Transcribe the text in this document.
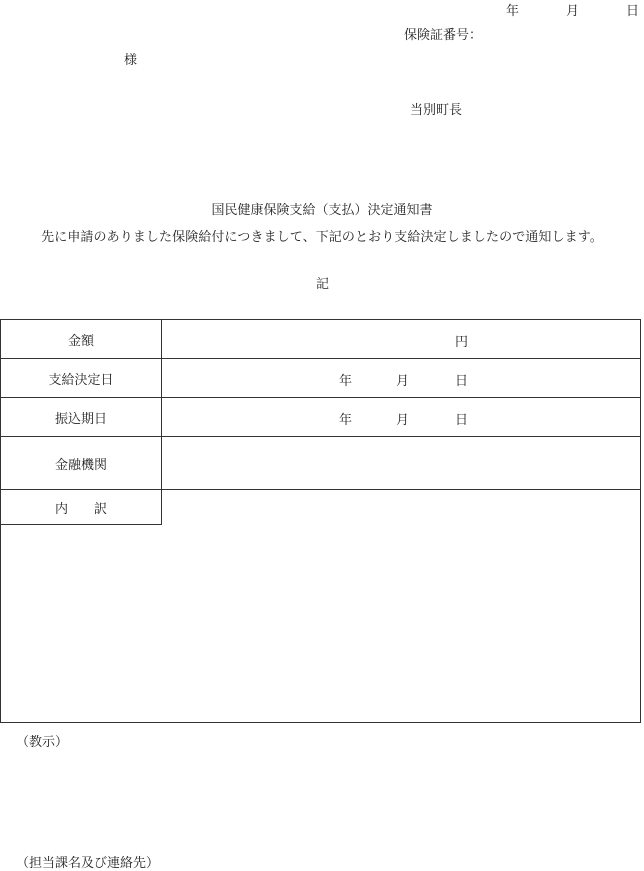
年	月	日
保険証番号：
様
当別町長
国民健康保険支給（支払）決定通知書
先に申請のありました保険給付につきまして、下記のとおり支給決定しましたので通知します。
記
金額	円
支給決定日	年	月	日
振込期日	年	月	日
金融機関
内　　訳
（教示）
（担当課名及び連絡先）
